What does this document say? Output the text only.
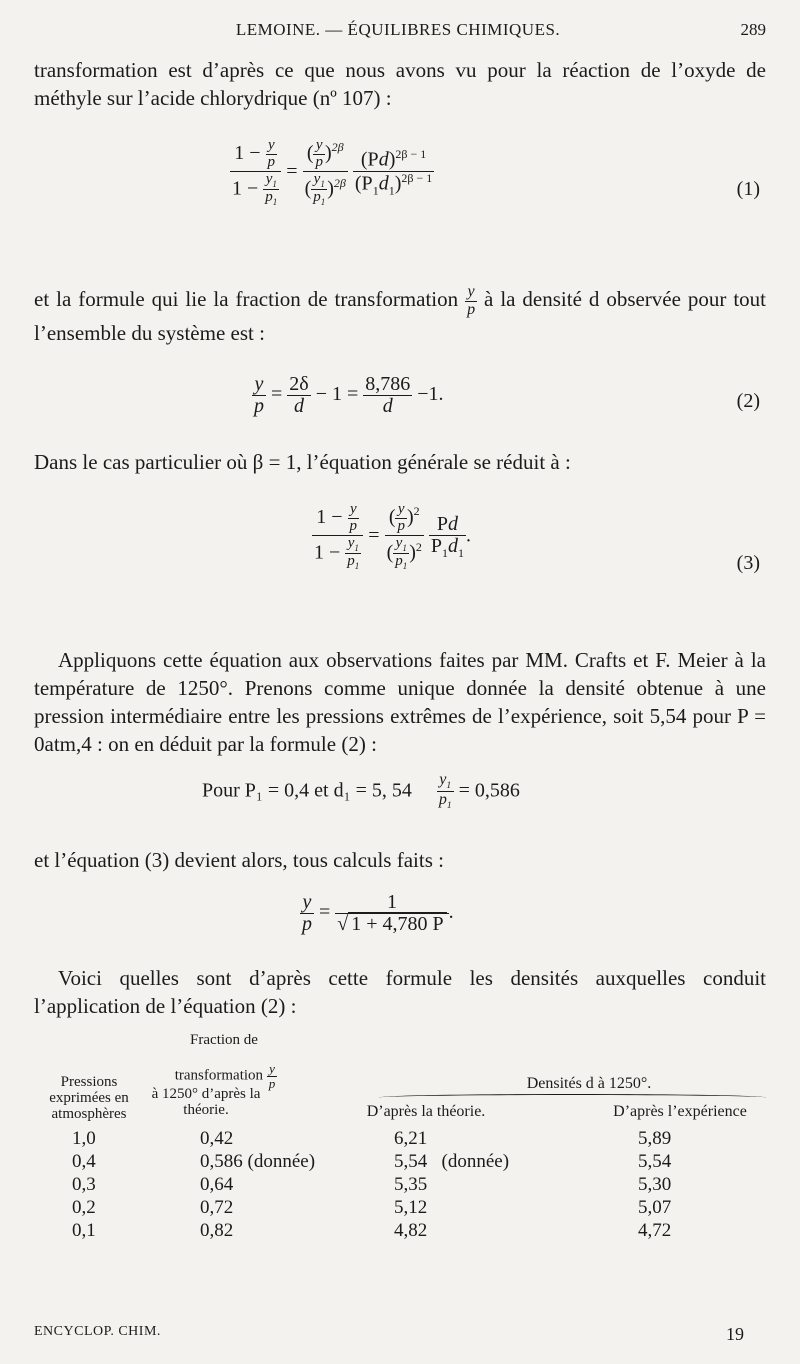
LEMOINE. — ÉQUILIBRES CHIMIQUES.	289
transformation est d’après ce que nous avons vu pour la réaction de l’oxyde de méthyle sur l’acide chlorydrique (nº 107) :
$\frac{1 - \frac{y}{p}}{1 - \frac{y_1}{p_1}} = \frac{( \frac{y}{p} )^{2\beta}}{( \frac{y_1}{p_1} )^{2\beta}}$
$\frac{(Pd)^{2\beta - 1}}{(P_1d_1)^{2\beta - 1}}$	(1)
et la formule qui lie la fraction de transformation $\frac{y}{p}$ à la densité d observée pour tout l’ensemble du système est :
$\frac{y}{p} = \frac{2\delta}{d} - 1 = \frac{8,786}{d} -1$.	(2)
Dans le cas particulier où β = 1, l’équation générale se réduit à :
$\frac{1 - \frac{y}{p}}{1 - \frac{y_1}{p_1}} = \frac{( \frac{y}{p} )^2}{( \frac{y_1}{p_1} )^2}$
$\frac{Pd}{P_1d_1}$ .
(3)
Appliquons cette équation aux observations faites par MM. Crafts et F. Meier à la température de 1250°. Prenons comme unique donnée la densité obtenue à une pression intermédiaire entre les pressions extrêmes de l’expérience, soit 5,54 pour P = 0atm,4 : on en déduit par la formule (2) :
Pour P₁ = 0,4 et d₁ = 5, $54 \frac{y_1}{p_1} = 0,586$
et l’équation (3) devient alors, tous calculs faits :
$\frac{y}{p} = \frac{1}{√ 1 + 4,780 P}$ .
Voici quelles sont d’après cette formule les densités auxquelles conduit l’application de l’équation (2) :
Fraction de
transformation $\frac{y}{p}$
Pressions exprimées en atmosphères
à 1250° d’après la théorie.
Densités d à 1250°.
D’après la théorie.	D’après l’expérience
1,0	0,42	6,21	5,89
0,4	0,586 (donnée)	5,54   (donnée)	5,54
0,3	0,64	5,35	5,30
0,2	0,72	5,12	5,07
0,1	0,82	4,82	4,72
ENCYCLOP. CHIM.	19
